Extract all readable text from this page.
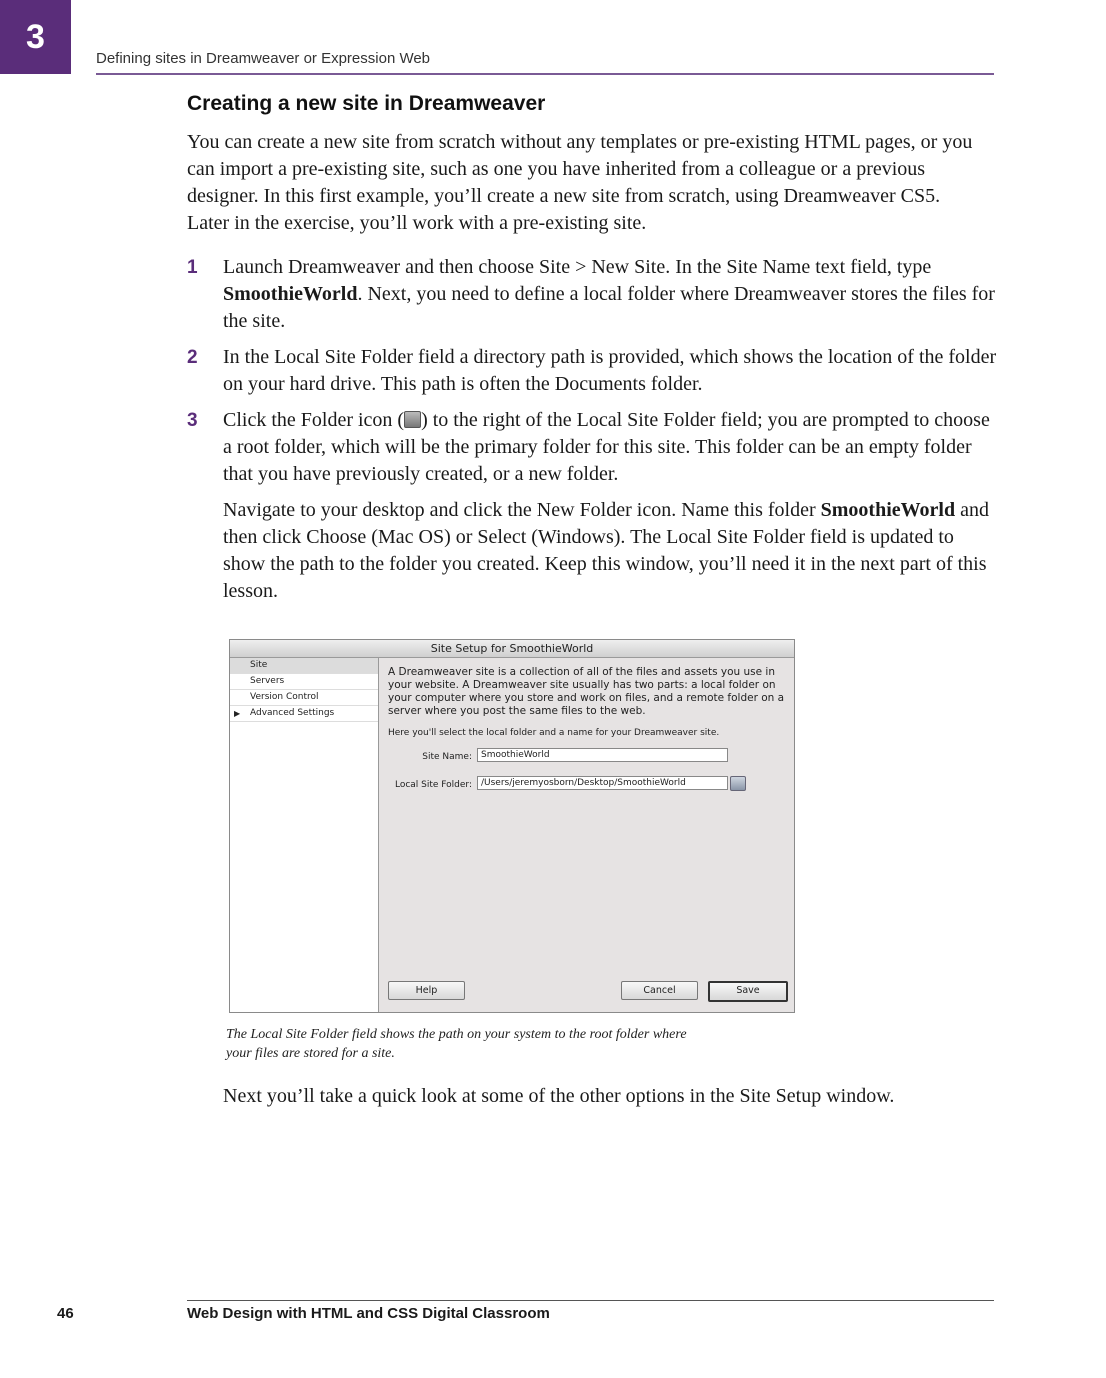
3
Defining sites in Dreamweaver or Expression Web
Creating a new site in Dreamweaver

You can create a new site from scratch without any templates or pre-existing HTML pages, or you can import a pre-existing site, such as one you have inherited from a colleague or a previous designer. In this first example, you’ll create a new site from scratch, using Dreamweaver CS5. Later in the exercise, you’ll work with a pre-existing site.

1 Launch Dreamweaver and then choose Site > New Site. In the Site Name text field, type SmoothieWorld. Next, you need to define a local folder where Dreamweaver stores the files for the site.

2 In the Local Site Folder field a directory path is provided, which shows the location of the folder on your hard drive. This path is often the Documents folder.

3 Click the Folder icon ( ) to the right of the Local Site Folder field; you are prompted to choose a root folder, which will be the primary folder for this site. This folder can be an empty folder that you have previously created, or a new folder.

Navigate to your desktop and click the New Folder icon. Name this folder SmoothieWorld and then click Choose (Mac OS) or Select (Windows). The Local Site Folder field is updated to show the path to the folder you created. Keep this window, you’ll need it in the next part of this lesson.

Site Setup for SmoothieWorld
Site
Servers
Version Control
▶ Advanced Settings

A Dreamweaver site is a collection of all of the files and assets you use in your website. A Dreamweaver site usually has two parts: a local folder on your computer where you store and work on files, and a remote folder on a server where you post the same files to the web.

Here you'll select the local folder and a name for your Dreamweaver site.

Site Name:	SmoothieWorld
Local Site Folder:	/Users/jeremyosborn/Desktop/SmoothieWorld
Help	Cancel	Save

The Local Site Folder field shows the path on your system to the root folder where your files are stored for a site.

Next you’ll take a quick look at some of the other options in the Site Setup window.

46	Web Design with HTML and CSS Digital Classroom
